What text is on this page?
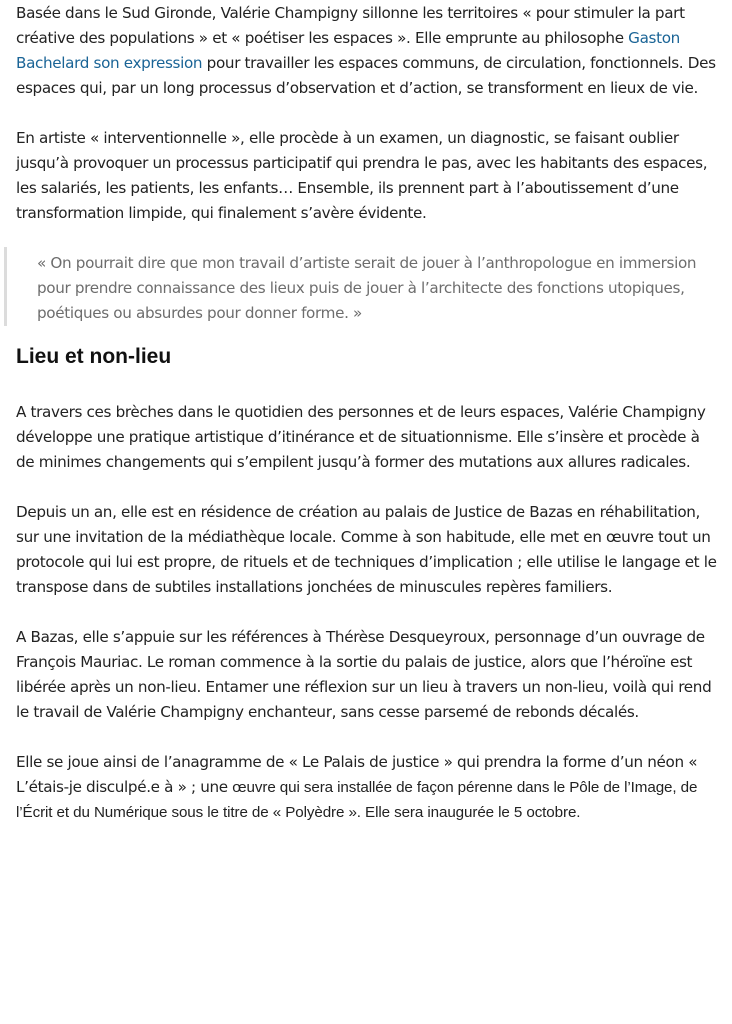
Basée dans le Sud Gironde, Valérie Champigny sillonne les territoires « pour stimuler la part créative des populations » et « poétiser les espaces ». Elle emprunte au philosophe Gaston Bachelard son expression pour travailler les espaces communs, de circulation, fonctionnels. Des espaces qui, par un long processus d’observation et d’action, se transforment en lieux de vie.

En artiste « interventionnelle », elle procède à un examen, un diagnostic, se faisant oublier jusqu’à provoquer un processus participatif qui prendra le pas, avec les habitants des espaces, les salariés, les patients, les enfants… Ensemble, ils prennent part à l’aboutissement d’une transformation limpide, qui finalement s’avère évidente.

« On pourrait dire que mon travail d’artiste serait de jouer à l’anthropologue en immersion pour prendre connaissance des lieux puis de jouer à l’architecte des fonctions utopiques, poétiques ou absurdes pour donner forme. »

Lieu et non-lieu

A travers ces brèches dans le quotidien des personnes et de leurs espaces, Valérie Champigny développe une pratique artistique d’itinérance et de situationnisme. Elle s’insère et procède à de minimes changements qui s’empilent jusqu’à former des mutations aux allures radicales.

Depuis un an, elle est en résidence de création au palais de Justice de Bazas en réhabilitation, sur une invitation de la médiathèque locale. Comme à son habitude, elle met en œuvre tout un protocole qui lui est propre, de rituels et de techniques d’implication ; elle utilise le langage et le transpose dans de subtiles installations jonchées de minuscules repères familiers.

A Bazas, elle s’appuie sur les références à Thérèse Desqueyroux, personnage d’un ouvrage de François Mauriac. Le roman commence à la sortie du palais de justice, alors que l’héroïne est libérée après un non-lieu. Entamer une réflexion sur un lieu à travers un non-lieu, voilà qui rend le travail de Valérie Champigny enchanteur, sans cesse parsemé de rebonds décalés.

Elle se joue ainsi de l’anagramme de « Le Palais de justice » qui prendra la forme d’un néon « L’étais-je disculpé.e à » ; une œuvre qui sera installée de façon pérenne dans le Pôle de l’Image, de l’Écrit et du Numérique sous le titre de « Polyèdre ». Elle sera inaugurée le 5 octobre.
